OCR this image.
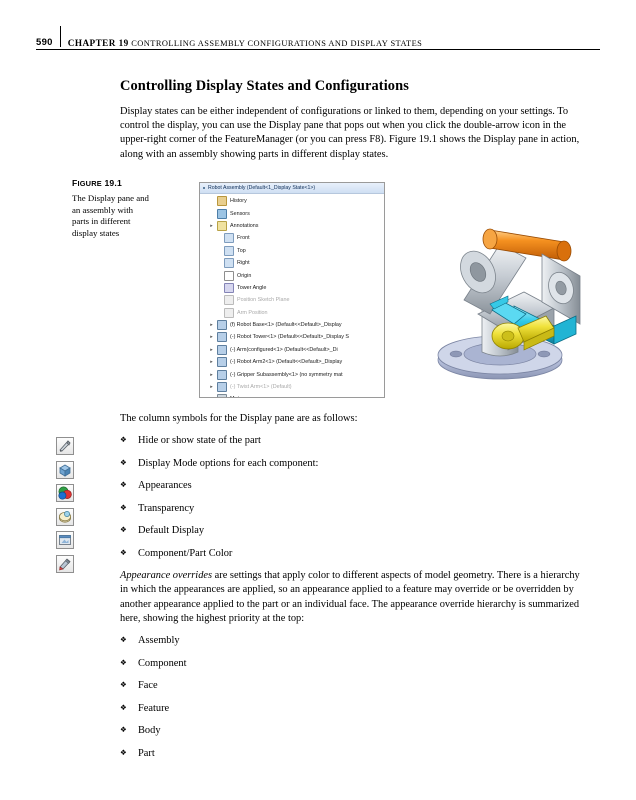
590	CHAPTER 19 CONTROLLING ASSEMBLY CONFIGURATIONS AND DISPLAY STATES
Controlling Display States and Configurations

Display states can be either independent of configurations or linked to them, depending on your settings. To control the display, you can use the Display pane that pops out when you click the double-arrow icon in the upper-right corner of the FeatureManager (or you can press F8). Figure 19.1 shows the Display pane in action, along with an assembly showing parts in different display states.

FIGURE 19.1
The Display pane and an assembly with parts in different display states
Robot Assembly (Default<1_Display State<1>)
History
Sensors
▸	Annotations
Front
Top
Right
Origin
Tower Angle
Position Sketch Plane
Arm Position
▸	(f) Robot Base<1> (Default<<Default>_Display
▸	(-) Robot Tower<1> (Default<<Default>_Display S
▸	(-) Arm(configured<1> (Default<<Default>_Di
▸	(-) Robot Arm2<1> (Default<<Default>_Display
▸	(-) Gripper Subassembly<1> (no symmetry mat
▸	(-) Twist Arm<1> (Default)

The column symbols for the Display pane are as follows:

❖	Hide or show state of the part
❖	Display Mode options for each component:
❖	Appearances
❖	Transparency
❖	Default Display
❖	Component/Part Color

Appearance overrides are settings that apply color to different aspects of model geometry. There is a hierarchy in which the appearances are applied, so an appearance applied to a feature may override or be overridden by another appearance applied to the part or an individual face. The appearance override hierarchy is summarized here, showing the highest priority at the top:

❖	Assembly
❖	Component
❖	Face
❖	Feature
❖	Body
❖	Part
